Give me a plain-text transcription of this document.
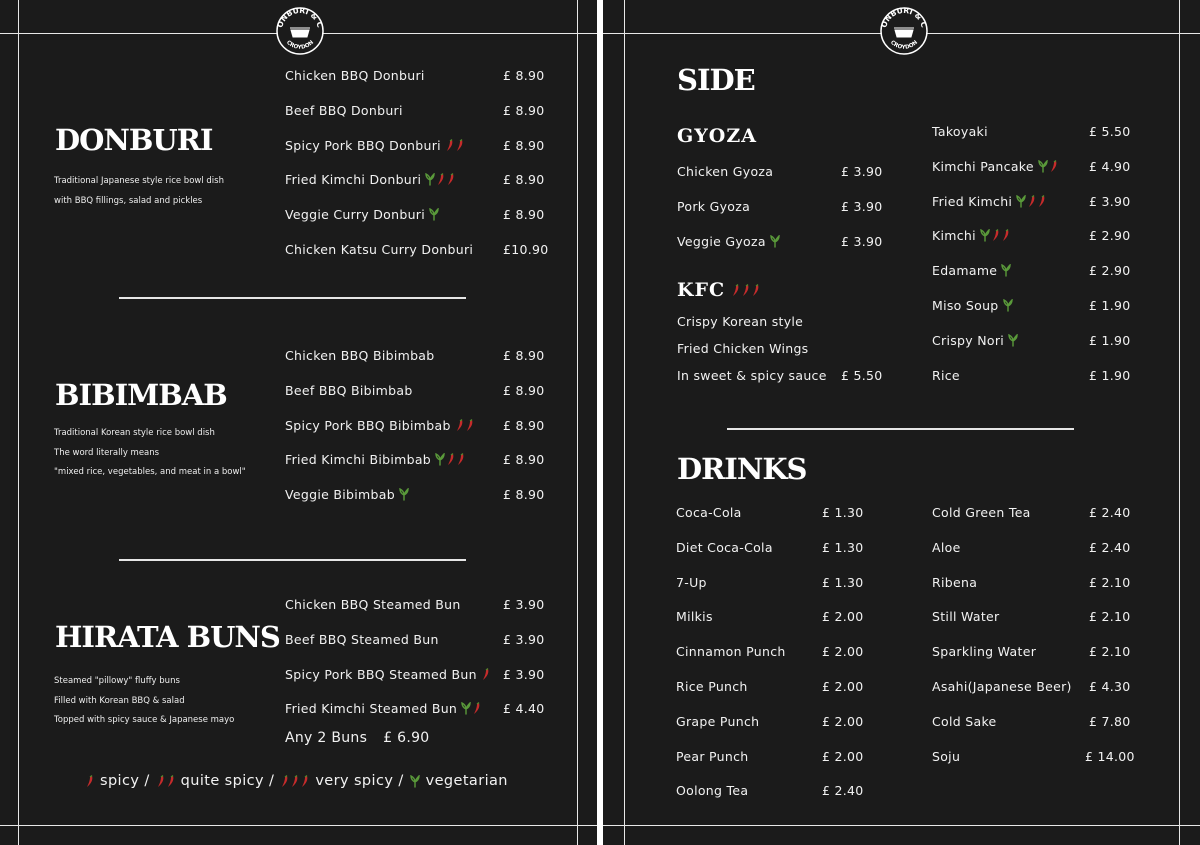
ONBURI & C
CROYDON
DONBURI
Traditional Japanese style rice bowl dish
with BBQ fillings, salad and pickles
Chicken BBQ Donburi	£ 8.90
Beef BBQ Donburi	£ 8.90
Spicy Pork BBQ Donburi	£ 8.90
Fried Kimchi Donburi	£ 8.90
Veggie Curry Donburi	£ 8.90
Chicken Katsu Curry Donburi £10.90
BIBIMBAB
Traditional Korean style rice bowl dish
The word literally means
"mixed rice, vegetables, and meat in a bowl"
Chicken BBQ Bibimbab	£ 8.90
Beef BBQ Bibimbab	£ 8.90
Spicy Pork BBQ Bibimbab	£ 8.90
Fried Kimchi Bibimbab	£ 8.90
Veggie Bibimbab	£ 8.90
HIRATA BUNS
Steamed "pillowy" fluffy buns
Filled with Korean BBQ & salad
Topped with spicy sauce & Japanese mayo
Chicken BBQ Steamed Bun	£ 3.90
Beef BBQ Steamed Bun	£ 3.90
Spicy Pork BBQ Steamed Bun £ 3.90
Fried Kimchi Steamed Bun	£ 4.40
Any 2 Buns £ 6.90
spicy / quite spicy /	very spicy / vegetarian
ONBURI & C
CROYDON
SIDE
GYOZA
Chicken Gyoza	£ 3.90
Pork Gyoza	£ 3.90
Veggie Gyoza	£ 3.90
KFC
Crispy Korean style
Fried Chicken Wings
In sweet & spicy sauce £ 5.50
Takoyaki	£ 5.50
Kimchi Pancake	£ 4.90
Fried Kimchi	£ 3.90
Kimchi	£ 2.90
Edamame	£ 2.90
Miso Soup	£ 1.90
Crispy Nori	£ 1.90
Rice	£ 1.90
DRINKS
Coca-Cola	£ 1.30
Diet Coca-Cola	£ 1.30
7-Up	£ 1.30
Milkis	£ 2.00
Cinnamon Punch	£ 2.00
Rice Punch	£ 2.00
Grape Punch	£ 2.00
Pear Punch	£ 2.00
Oolong Tea	£ 2.40
Cold Green Tea	£ 2.40
Aloe	£ 2.40
Ribena	£ 2.10
Still Water	£ 2.10
Sparkling Water	£ 2.10
Asahi(Japanese Beer) £ 4.30
Cold Sake	£ 7.80
Soju	£ 14.00
